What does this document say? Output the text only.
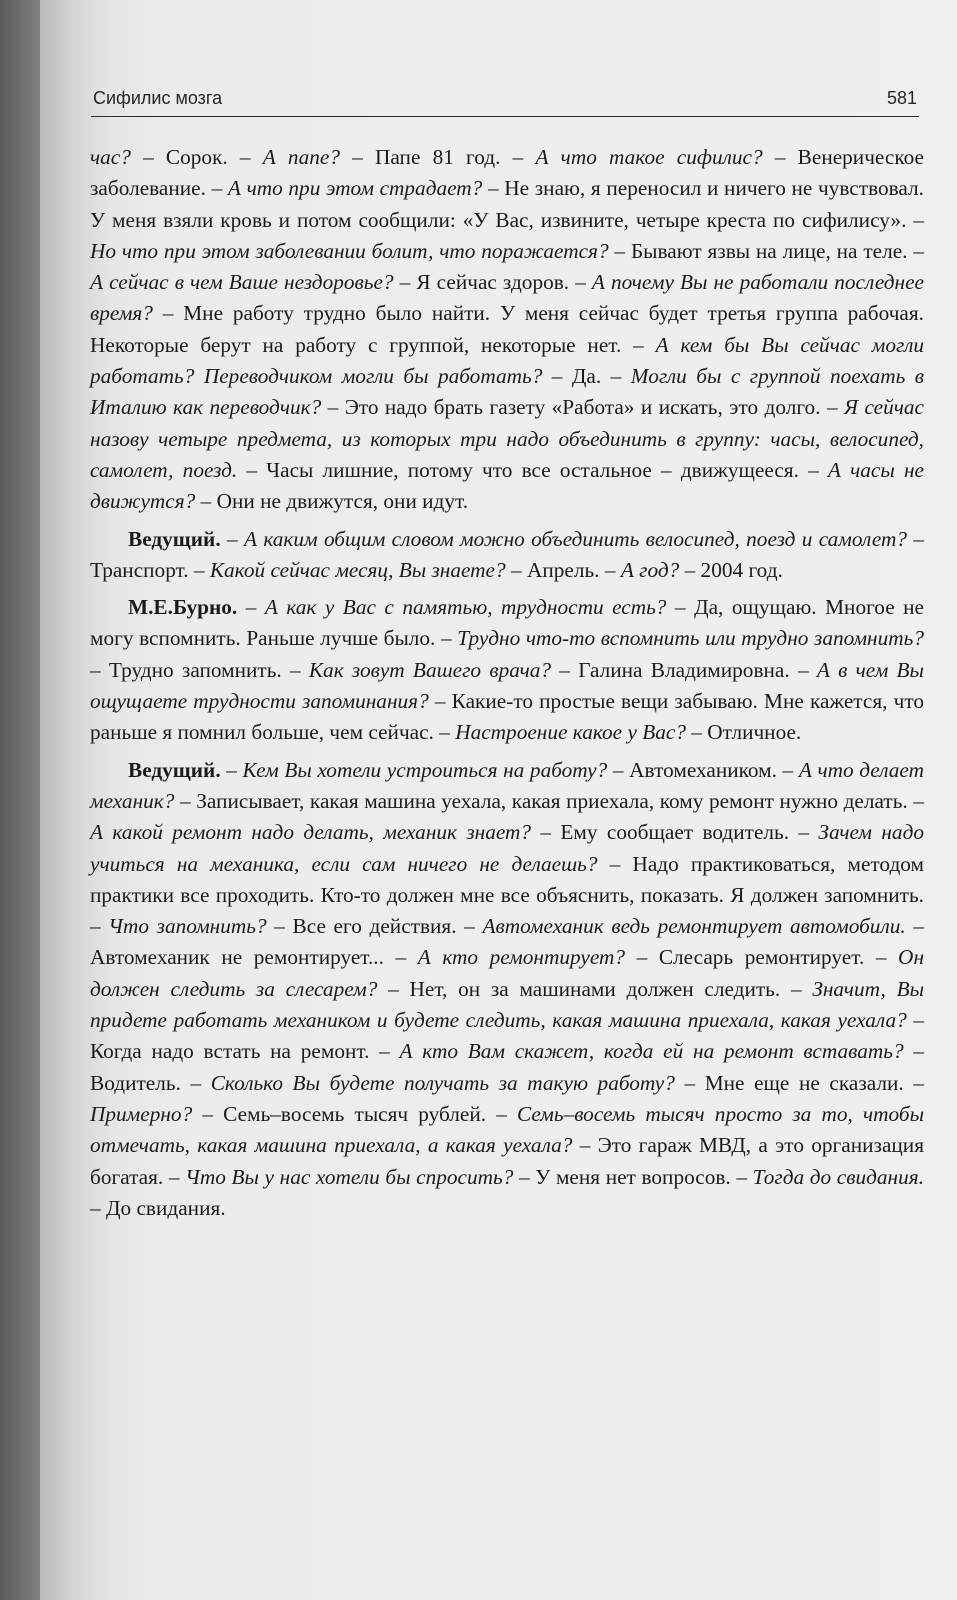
Сифилис мозга	581

час? – Сорок. – А папе? – Папе 81 год. – А что такое сифилис? – Венерическое заболевание. – А что при этом страдает? – Не знаю, я переносил и ничего не чувствовал. У меня взяли кровь и потом сообщили: «У Вас, извините, четыре креста по сифилису». – Но что при этом заболевании болит, что поражается? – Бывают язвы на лице, на теле. – А сейчас в чем Ваше нездоровье? – Я сейчас здоров. – А почему Вы не работали последнее время? – Мне работу трудно было найти. У меня сейчас будет третья группа рабочая. Некоторые берут на работу с группой, некоторые нет. – А кем бы Вы сейчас могли работать? Переводчиком могли бы работать? – Да. – Могли бы с группой поехать в Италию как переводчик? – Это надо брать газету «Работа» и искать, это долго. – Я сейчас назову четыре предмета, из которых три надо объединить в группу: часы, велосипед, самолет, поезд. – Часы лишние, потому что все остальное – движущееся. – А часы не движутся? – Они не движутся, они идут.

Ведущий. – А каким общим словом можно объединить велосипед, поезд и самолет? – Транспорт. – Какой сейчас месяц, Вы знаете? – Апрель. – А год? – 2004 год.

М.Е.Бурно. – А как у Вас с памятью, трудности есть? – Да, ощущаю. Многое не могу вспомнить. Раньше лучше было. – Трудно что-то вспомнить или трудно запомнить? – Трудно запомнить. – Как зовут Вашего врача? – Галина Владимировна. – А в чем Вы ощущаете трудности запоминания? – Какие-то простые вещи забываю. Мне кажется, что раньше я помнил больше, чем сейчас. – Настроение какое у Вас? – Отличное.

Ведущий. – Кем Вы хотели устроиться на работу? – Автомехаником. – А что делает механик? – Записывает, какая машина уехала, какая приехала, кому ремонт нужно делать. – А какой ремонт надо делать, механик знает? – Ему сообщает водитель. – Зачем надо учиться на механика, если сам ничего не делаешь? – Надо практиковаться, методом практики все проходить. Кто-то должен мне все объяснить, показать. Я должен запомнить. – Что запомнить? – Все его действия. – Автомеханик ведь ремонтирует автомобили. – Автомеханик не ремонтирует... – А кто ремонтирует? – Слесарь ремонтирует. – Он должен следить за слесарем? – Нет, он за машинами должен следить. – Значит, Вы придете работать механиком и будете следить, какая машина приехала, какая уехала? – Когда надо встать на ремонт. – А кто Вам скажет, когда ей на ремонт вставать? – Водитель. – Сколько Вы будете получать за такую работу? – Мне еще не сказали. – Примерно? – Семь–восемь тысяч рублей. – Семь–восемь тысяч просто за то, чтобы отмечать, какая машина приехала, а какая уехала? – Это гараж МВД, а это организация богатая. – Что Вы у нас хотели бы спросить? – У меня нет вопросов. – Тогда до свидания. – До свидания.
